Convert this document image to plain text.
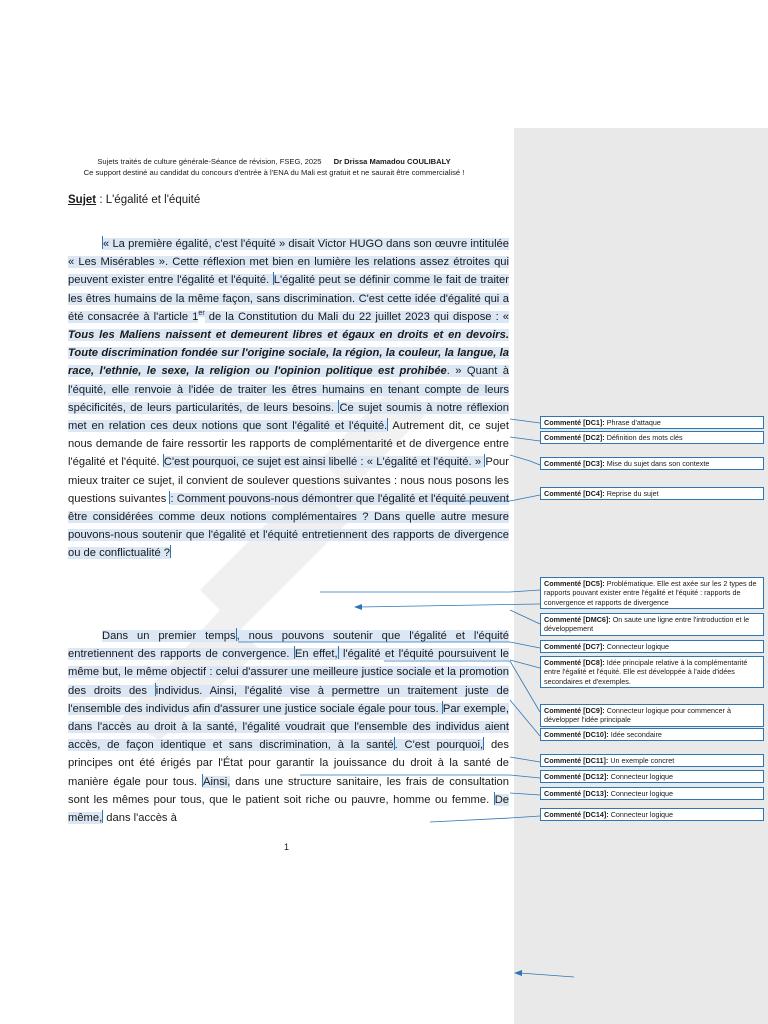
Sujets traités de culture générale-Séance de révision, FSEG, 2025 Dr Drissa Mamadou COULIBALY
Ce support destiné au candidat du concours d'entrée à l'ENA du Mali est gratuit et ne saurait être commercialisé !
Sujet : L'égalité et l'équité
« La première égalité, c'est l'équité » disait Victor HUGO dans son œuvre intitulée « Les Misérables ». Cette réflexion met bien en lumière les relations assez étroites qui peuvent exister entre l'égalité et l'équité. L'égalité peut se définir comme le fait de traiter les êtres humains de la même façon, sans discrimination. C'est cette idée d'égalité qui a été consacrée à l'article 1er de la Constitution du Mali du 22 juillet 2023 qui dispose : « Tous les Maliens naissent et demeurent libres et égaux en droits et en devoirs. Toute discrimination fondée sur l'origine sociale, la région, la couleur, la langue, la race, l'ethnie, le sexe, la religion ou l'opinion politique est prohibée. » Quant à l'équité, elle renvoie à l'idée de traiter les êtres humains en tenant compte de leurs spécificités, de leurs particularités, de leurs besoins. Ce sujet soumis à notre réflexion met en relation ces deux notions que sont l'égalité et l'équité. Autrement dit, ce sujet nous demande de faire ressortir les rapports de complémentarité et de divergence entre l'égalité et l'équité. C'est pourquoi, ce sujet est ainsi libellé : « L'égalité et l'équité. » Pour mieux traiter ce sujet, il convient de soulever questions suivantes : nous nous posons les questions suivantes : Comment pouvons-nous démontrer que l'égalité et l'équité peuvent être considérées comme deux notions complémentaires ? Dans quelle autre mesure pouvons-nous soutenir que l'égalité et l'équité entretiennent des rapports de divergence ou de conflictualité ?
Dans un premier temps, nous pouvons soutenir que l'égalité et l'équité entretiennent des rapports de convergence. En effet, l'égalité et l'équité poursuivent le même but, le même objectif : celui d'assurer une meilleure justice sociale et la promotion des droits des individus. Ainsi, l'égalité vise à permettre un traitement juste de l'ensemble des individus afin d'assurer une justice sociale égale pour tous. Par exemple, dans l'accès au droit à la santé, l'égalité voudrait que l'ensemble des individus aient accès, de façon identique et sans discrimination, à la santé. C'est pourquoi, des principes ont été érigés par l'État pour garantir la jouissance du droit à la santé de manière égale pour tous. Ainsi, dans une structure sanitaire, les frais de consultation sont les mêmes pour tous, que le patient soit riche ou pauvre, homme ou femme. De même, dans l'accès à
1
Commenté [DC1]: Phrase d'attaque
Commenté [DC2]: Définition des mots clés
Commenté [DC3]: Mise du sujet dans son contexte
Commenté [DC4]: Reprise du sujet
Commenté [DC5]: Problématique. Elle est axée sur les 2 types de rapports pouvant exister entre l'égalité et l'équité : rapports de convergence et rapports de divergence
Commenté [DMC6]: On saute une ligne entre l'introduction et le développement
Commenté [DC7]: Connecteur logique
Commenté [DC8]: Idée principale relative à la complémentarité entre l'égalité et l'équité. Elle est développée à l'aide d'idées secondaires et d'exemples.
Commenté [DC9]: Connecteur logique pour commencer à développer l'idée principale
Commenté [DC10]: Idée secondaire
Commenté [DC11]: Un exemple concret
Commenté [DC12]: Connecteur logique
Commenté [DC13]: Connecteur logique
Commenté [DC14]: Connecteur logique
